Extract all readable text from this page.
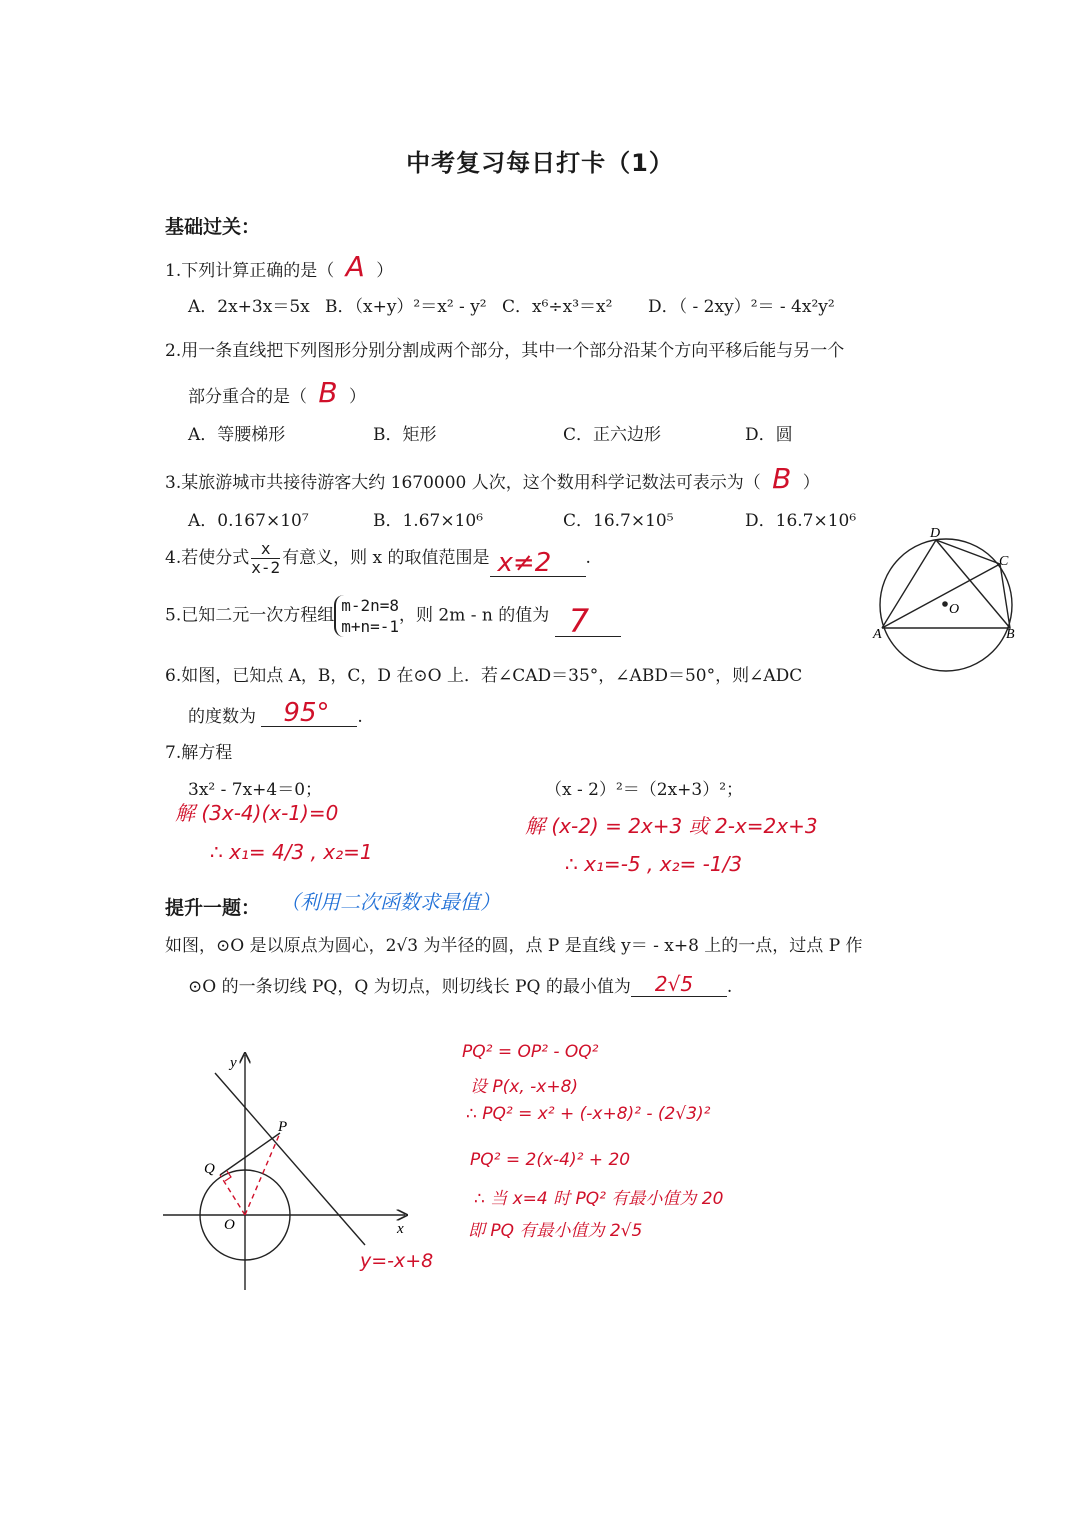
中考复习每日打卡（1）
基础过关：
1.下列计算正确的是（ A ）
A．2x+3x＝5x B．（x+y）²＝x² - y² C．x⁶÷x³＝x² D．（ - 2xy）²＝ - 4x²y²
2.用一条直线把下列图形分别分割成两个部分，其中一个部分沿某个方向平移后能与另一个
部分重合的是（ B ）
A．等腰梯形	B．矩形	C．正六边形	D．圆
3.某旅游城市共接待游客大约 1670000 人次，这个数用科学记数法可表示为（ B ）
A．0.167×10⁷	B．1.67×10⁶	C．16.7×10⁵	D．16.7×10⁶
4.若使分式 $\frac{x}{x-2}$ 有意义，则 x 的取值范围是 x≠2 .
5.已知二元一次方程组 m-2n=8
m+n=-1
，则 2m - n 的值为 7	A	B
C
D
O
6.如图，已知点 A，B，C，D 在⊙O 上．若∠CAD＝35°，∠ABD＝50°，则∠ADC
的度数为 95° .
7.解方程
3x² - 7x+4＝0；	（x - 2）²＝（2x+3）²；
解 (3x-4)(x-1)=0
∴ x₁= 4/3 , x₂=1
解 (x-2) = 2x+3 或 2-x=2x+3
∴ x₁=-5 , x₂= -1/3
提升一题： （利用二次函数求最值）
如图，⊙O 是以原点为圆心，2√3 为半径的圆，点 P 是直线 y＝ - x+8 上的一点，过点 P 作
⊙O 的一条切线 PQ，Q 为切点，则切线长 PQ 的最小值为 2√5 .
y
x
O
P
Q
y=-x+8
PQ² = OP² - OQ²
设 P(x, -x+8)
∴ PQ² = x² + (-x+8)² - (2√3)²
PQ² = 2(x-4)² + 20
∴ 当 x=4 时 PQ² 有最小值为 20
即 PQ 有最小值为 2√5
